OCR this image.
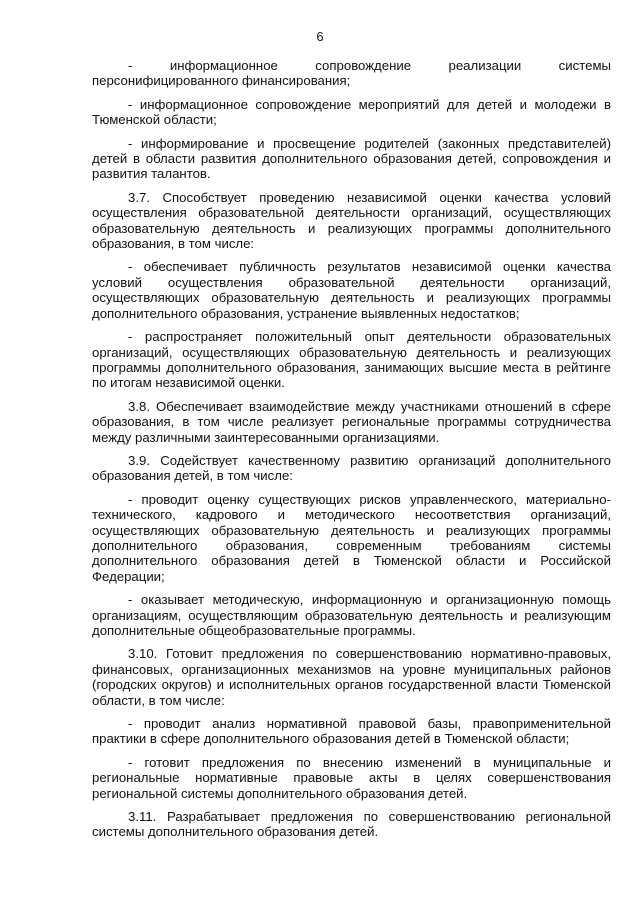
6

- информационное сопровождение реализации системы персонифицированного финансирования;

- информационное сопровождение мероприятий для детей и молодежи в Тюменской области;

- информирование и просвещение родителей (законных представителей) детей в области развития дополнительного образования детей, сопровождения и развития талантов.

3.7. Способствует проведению независимой оценки качества условий осуществления образовательной деятельности организаций, осуществляющих образовательную деятельность и реализующих программы дополнительного образования, в том числе:

- обеспечивает публичность результатов независимой оценки качества условий осуществления образовательной деятельности организаций, осуществляющих образовательную деятельность и реализующих программы дополнительного образования, устранение выявленных недостатков;

- распространяет положительный опыт деятельности образовательных организаций, осуществляющих образовательную деятельность и реализующих программы дополнительного образования, занимающих высшие места в рейтинге по итогам независимой оценки.

3.8. Обеспечивает взаимодействие между участниками отношений в сфере образования, в том числе реализует региональные программы сотрудничества между различными заинтересованными организациями.

3.9. Содействует качественному развитию организаций дополнительного образования детей, в том числе:

- проводит оценку существующих рисков управленческого, материально-технического, кадрового и методического несоответствия организаций, осуществляющих образовательную деятельность и реализующих программы дополнительного образования, современным требованиям системы дополнительного образования детей в Тюменской области и Российской Федерации;

- оказывает методическую, информационную и организационную помощь организациям, осуществляющим образовательную деятельность и реализующим дополнительные общеобразовательные программы.

3.10. Готовит предложения по совершенствованию нормативно-правовых, финансовых, организационных механизмов на уровне муниципальных районов (городских округов) и исполнительных органов государственной власти Тюменской области, в том числе:

- проводит анализ нормативной правовой базы, правоприменительной практики в сфере дополнительного образования детей в Тюменской области;

- готовит предложения по внесению изменений в муниципальные и региональные нормативные правовые акты в целях совершенствования региональной системы дополнительного образования детей.

3.11. Разрабатывает предложения по совершенствованию региональной системы дополнительного образования детей.
